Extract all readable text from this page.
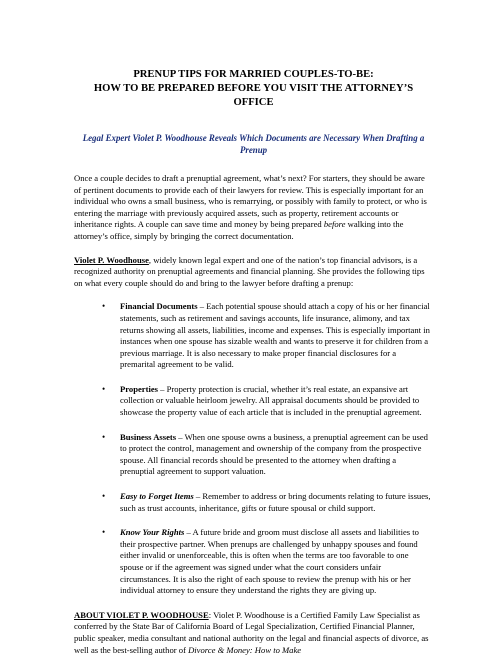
PRENUP TIPS FOR MARRIED COUPLES-TO-BE:
HOW TO BE PREPARED BEFORE YOU VISIT THE ATTORNEY’S
OFFICE
Legal Expert Violet P. Woodhouse Reveals Which Documents are Necessary When Drafting a Prenup

Once a couple decides to draft a prenuptial agreement, what’s next? For starters, they should be aware of pertinent documents to provide each of their lawyers for review. This is especially important for an individual who owns a small business, who is remarrying, or possibly with family to protect, or who is entering the marriage with previously acquired assets, such as property, retirement accounts or inheritance rights. A couple can save time and money by being prepared before walking into the attorney’s office, simply by bringing the correct documentation.

Violet P. Woodhouse, widely known legal expert and one of the nation’s top financial advisors, is a recognized authority on prenuptial agreements and financial planning. She provides the following tips on what every couple should do and bring to the lawyer before drafting a prenup:

• Financial Documents – Each potential spouse should attach a copy of his or her financial statements, such as retirement and savings accounts, life insurance, alimony, and tax returns showing all assets, liabilities, income and expenses. This is especially important in instances when one spouse has sizable wealth and wants to preserve it for children from a previous marriage. It is also necessary to make proper financial disclosures for a premarital agreement to be valid.
• Properties – Property protection is crucial, whether it’s real estate, an expansive art collection or valuable heirloom jewelry. All appraisal documents should be provided to showcase the property value of each article that is included in the prenuptial agreement.
• Business Assets – When one spouse owns a business, a prenuptial agreement can be used to protect the control, management and ownership of the company from the prospective spouse. All financial records should be presented to the attorney when drafting a prenuptial agreement to support valuation.
• Easy to Forget Items – Remember to address or bring documents relating to future issues, such as trust accounts, inheritance, gifts or future spousal or child support.
• Know Your Rights – A future bride and groom must disclose all assets and liabilities to their prospective partner. When prenups are challenged by unhappy spouses and found either invalid or unenforceable, this is often when the terms are too favorable to one spouse or if the agreement was signed under what the court considers unfair circumstances. It is also the right of each spouse to review the prenup with his or her individual attorney to ensure they understand the rights they are giving up.

ABOUT VIOLET P. WOODHOUSE: Violet P. Woodhouse is a Certified Family Law Specialist as conferred by the State Bar of California Board of Legal Specialization, Certified Financial Planner, public speaker, media consultant and national authority on the legal and financial aspects of divorce, as well as the best-selling author of Divorce & Money: How to Make
